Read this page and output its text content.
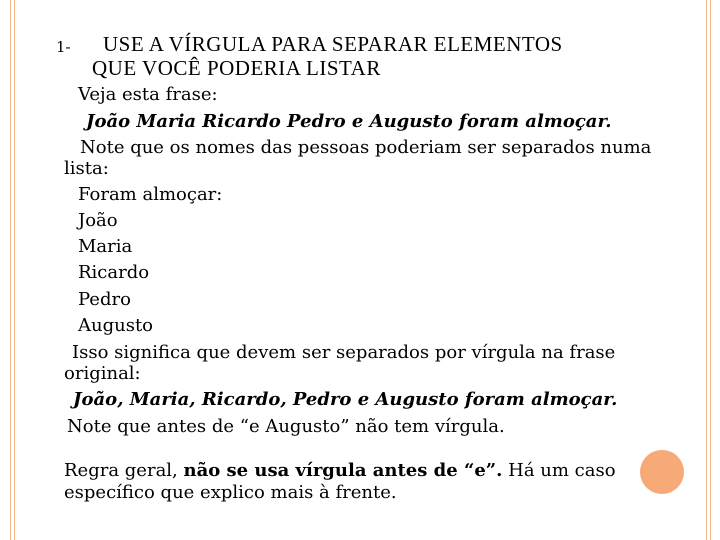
1- USE A VÍRGULA PARA SEPARAR ELEMENTOS
QUE VOCÊ PODERIA LISTAR
Veja esta frase:
João Maria Ricardo Pedro e Augusto foram almoçar.
Note que os nomes das pessoas poderiam ser separados numa
lista:
Foram almoçar:
João
Maria
Ricardo
Pedro
Augusto
Isso significa que devem ser separados por vírgula na frase
original:
João, Maria, Ricardo, Pedro e Augusto foram almoçar.
Note que antes de “e Augusto” não tem vírgula.
Regra geral, não se usa vírgula antes de “e”. Há um caso
específico que explico mais à frente.
